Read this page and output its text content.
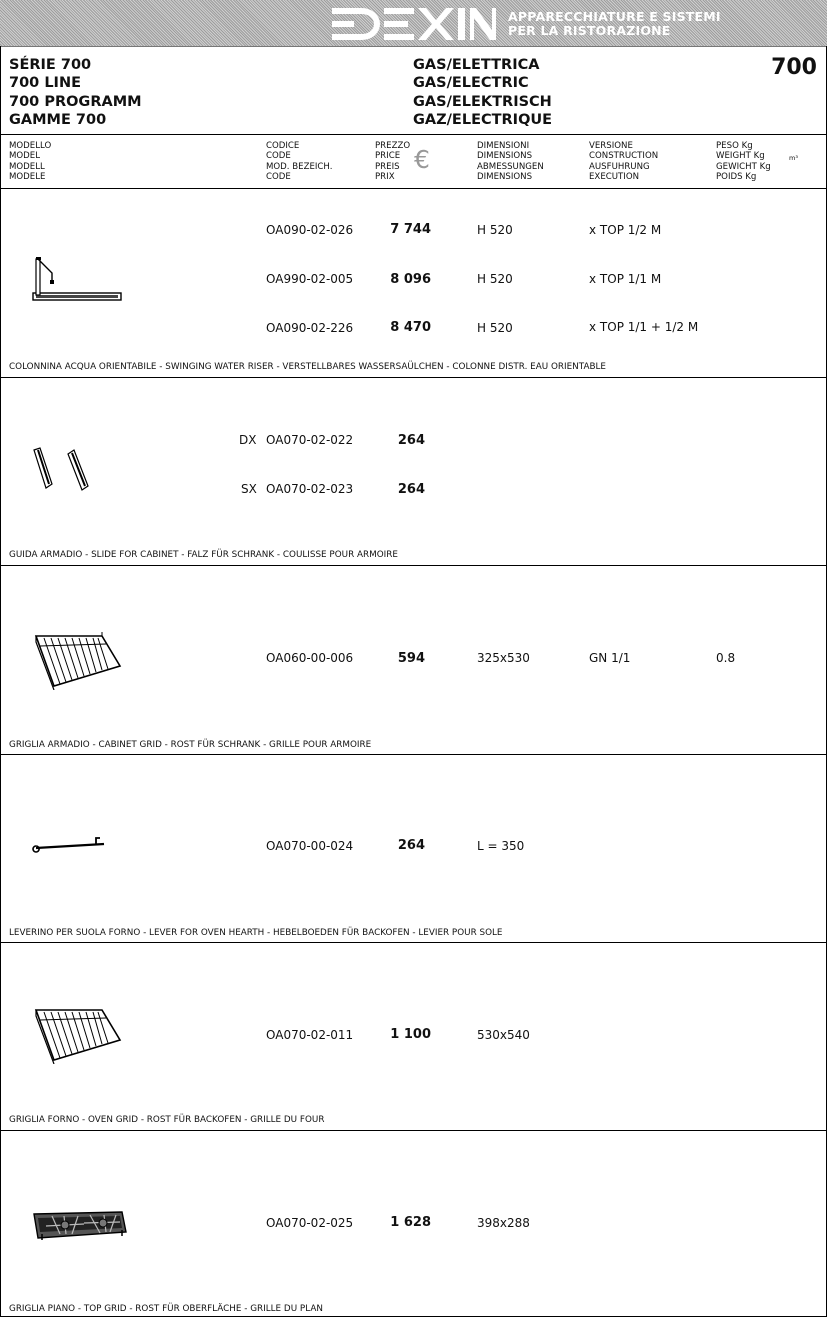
APPARECCHIATURE E SISTEMI
PER LA RISTORAZIONE
SÉRIE 700
700 LINE
700 PROGRAMM
GAMME 700
GAS/ELETTRICA
GAS/ELECTRIC
GAS/ELEKTRISCH
GAZ/ELECTRIQUE
700
MODELLO
MODEL
MODELL
MODELE
CODICE
CODE
MOD. BEZEICH.
CODE
PREZZO
PRICE
PREIS
PRIX
€	DIMENSIONI
DIMENSIONS
ABMESSUNGEN
DIMENSIONS
VERSIONE
CONSTRUCTION
AUSFUHRUNG
EXECUTION
PESO Kg
WEIGHT Kg
GEWICHT Kg
POIDS Kg
m³
OA090-02-026	7 744	H 520	x TOP 1/2 M
OA990-02-005	8 096	H 520	x TOP 1/1 M
OA090-02-226	8 470	H 520	x TOP 1/1 + 1/2 M
COLONNINA ACQUA ORIENTABILE - SWINGING WATER RISER - VERSTELLBARES WASSERSAÜLCHEN - COLONNE DISTR. EAU ORIENTABLE
DX OA070-02-022	264
SX OA070-02-023	264
GUIDA ARMADIO - SLIDE FOR CABINET - FALZ FÜR SCHRANK - COULISSE POUR ARMOIRE
OA060-00-006	594	325x530	GN 1/1	0.8
GRIGLIA ARMADIO - CABINET GRID - ROST FÜR SCHRANK - GRILLE POUR ARMOIRE
OA070-00-024	264	L = 350
LEVERINO PER SUOLA FORNO - LEVER FOR OVEN HEARTH - HEBELBOEDEN FÜR BACKOFEN - LEVIER POUR SOLE
OA070-02-011	1 100	530x540
GRIGLIA FORNO - OVEN GRID - ROST FÜR BACKOFEN - GRILLE DU FOUR
OA070-02-025	1 628	398x288
GRIGLIA PIANO - TOP GRID - ROST FÜR OBERFLÄCHE - GRILLE DU PLAN
